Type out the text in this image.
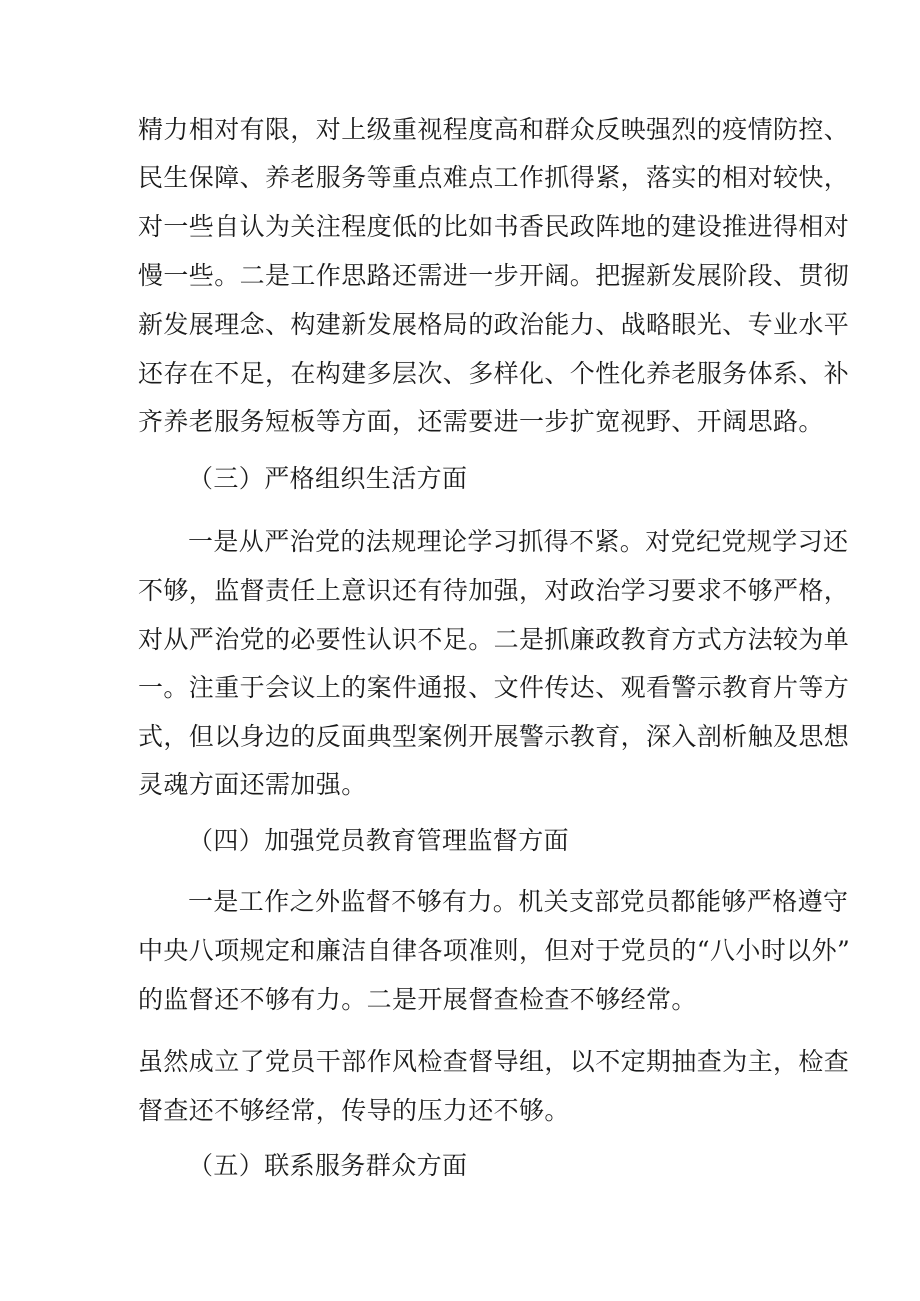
精力相对有限，对上级重视程度高和群众反映强烈的疫情防控、
民生保障、养老服务等重点难点工作抓得紧，落实的相对较快，
对一些自认为关注程度低的比如书香民政阵地的建设推进得相对
慢一些。二是工作思路还需进一步开阔。把握新发展阶段、贯彻
新发展理念、构建新发展格局的政治能力、战略眼光、专业水平
还存在不足，在构建多层次、多样化、个性化养老服务体系、补
齐养老服务短板等方面，还需要进一步扩宽视野、开阔思路。
（三）严格组织生活方面
一是从严治党的法规理论学习抓得不紧。对党纪党规学习还
不够，监督责任上意识还有待加强，对政治学习要求不够严格，
对从严治党的必要性认识不足。二是抓廉政教育方式方法较为单
一。注重于会议上的案件通报、文件传达、观看警示教育片等方
式，但以身边的反面典型案例开展警示教育，深入剖析触及思想
灵魂方面还需加强。
（四）加强党员教育管理监督方面
一是工作之外监督不够有力。机关支部党员都能够严格遵守
中央八项规定和廉洁自律各项准则，但对于党员的“八小时以外”
的监督还不够有力。二是开展督查检查不够经常。
虽然成立了党员干部作风检查督导组，以不定期抽查为主，检查
督查还不够经常，传导的压力还不够。
（五）联系服务群众方面
